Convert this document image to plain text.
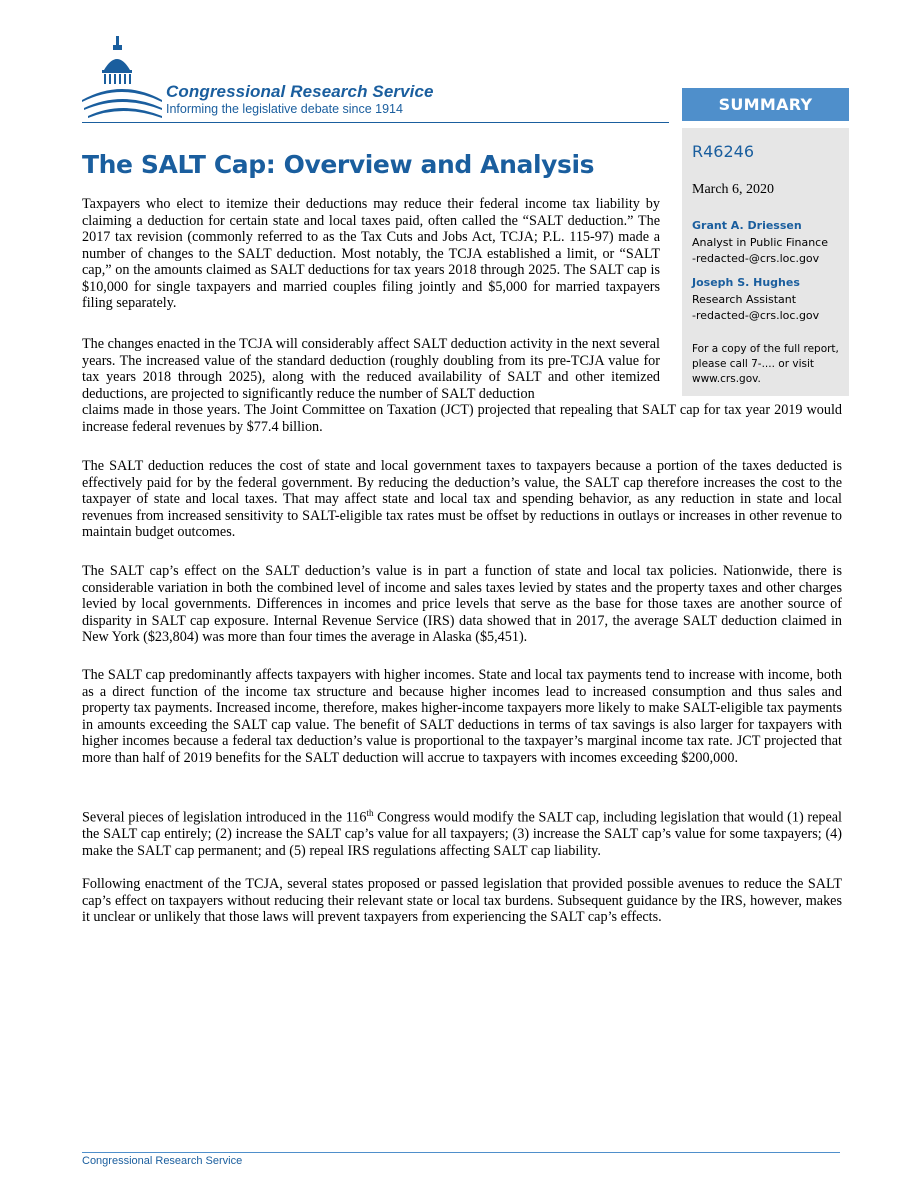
Congressional Research Service
Informing the legislative debate since 1914	SUMMARY
R46246
March 6, 2020
Grant A. Driessen
Analyst in Public Finance
-redacted-@crs.loc.gov
Joseph S. Hughes
Research Assistant
-redacted-@crs.loc.gov
For a copy of the full report, please call 7-.... or visit www.crs.gov.
The SALT Cap: Overview and Analysis

Taxpayers who elect to itemize their deductions may reduce their federal income tax liability by claiming a deduction for certain state and local taxes paid, often called the “SALT deduction.” The 2017 tax revision (commonly referred to as the Tax Cuts and Jobs Act, TCJA; P.L. 115-97) made a number of changes to the SALT deduction. Most notably, the TCJA established a limit, or “SALT cap,” on the amounts claimed as SALT deductions for tax years 2018 through 2025. The SALT cap is $10,000 for single taxpayers and married couples filing jointly and $5,000 for married taxpayers filing separately.

The changes enacted in the TCJA will considerably affect SALT deduction activity in the next several years. The increased value of the standard deduction (roughly doubling from its pre-TCJA value for tax years 2018 through 2025), along with the reduced availability of SALT and other itemized deductions, are projected to significantly reduce the number of SALT deduction

claims made in those years. The Joint Committee on Taxation (JCT) projected that repealing that SALT cap for tax year 2019 would increase federal revenues by $77.4 billion.

The SALT deduction reduces the cost of state and local government taxes to taxpayers because a portion of the taxes deducted is effectively paid for by the federal government. By reducing the deduction’s value, the SALT cap therefore increases the cost to the taxpayer of state and local taxes. That may affect state and local tax and spending behavior, as any reduction in state and local revenues from increased sensitivity to SALT-eligible tax rates must be offset by reductions in outlays or increases in other revenue to maintain budget outcomes.

The SALT cap’s effect on the SALT deduction’s value is in part a function of state and local tax policies. Nationwide, there is considerable variation in both the combined level of income and sales taxes levied by states and the property taxes and other charges levied by local governments. Differences in incomes and price levels that serve as the base for those taxes are another source of disparity in SALT cap exposure. Internal Revenue Service (IRS) data showed that in 2017, the average SALT deduction claimed in New York ($23,804) was more than four times the average in Alaska ($5,451).

The SALT cap predominantly affects taxpayers with higher incomes. State and local tax payments tend to increase with income, both as a direct function of the income tax structure and because higher incomes lead to increased consumption and thus sales and property tax payments. Increased income, therefore, makes higher-income taxpayers more likely to make SALT-eligible tax payments in amounts exceeding the SALT cap value. The benefit of SALT deductions in terms of tax savings is also larger for taxpayers with higher incomes because a federal tax deduction’s value is proportional to the taxpayer’s marginal income tax rate. JCT projected that more than half of 2019 benefits for the SALT deduction will accrue to taxpayers with incomes exceeding $200,000.

Several pieces of legislation introduced in the 116th Congress would modify the SALT cap, including legislation that would (1) repeal the SALT cap entirely; (2) increase the SALT cap’s value for all taxpayers; (3) increase the SALT cap’s value for some taxpayers; (4) make the SALT cap permanent; and (5) repeal IRS regulations affecting SALT cap liability.

Following enactment of the TCJA, several states proposed or passed legislation that provided possible avenues to reduce the SALT cap’s effect on taxpayers without reducing their relevant state or local tax burdens. Subsequent guidance by the IRS, however, makes it unclear or unlikely that those laws will prevent taxpayers from experiencing the SALT cap’s effects.

Congressional Research Service
